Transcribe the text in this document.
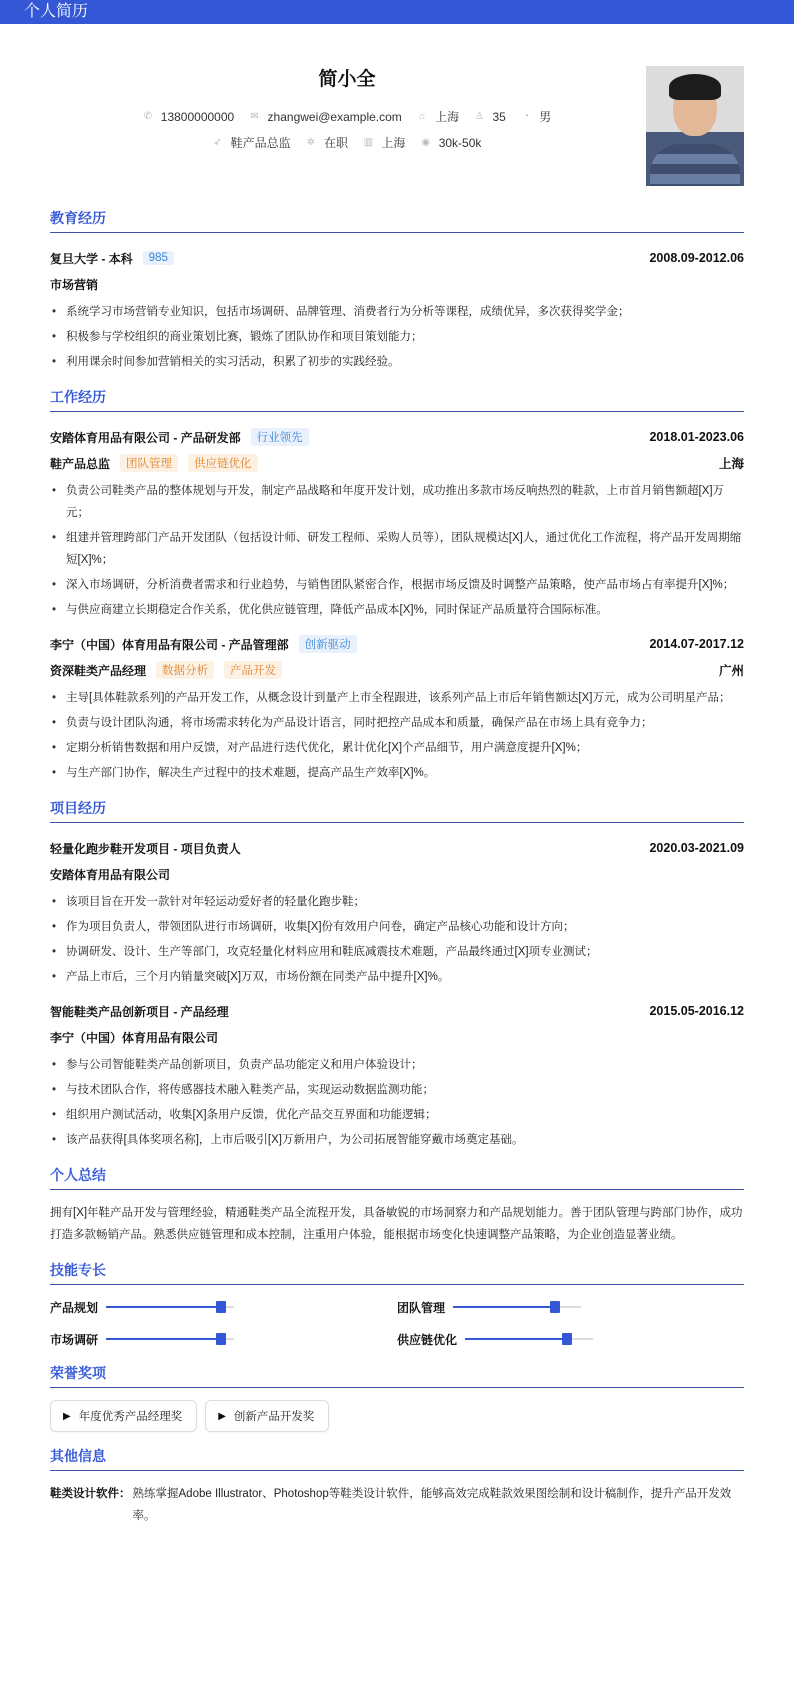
个人简历
简小全
✆ 13800000000
✉ zhangwei@example.com
⌂ 上海
♙ 35
◔ 男
➶ 鞋产品总监
✲ 在职
▥ 上海
◉ 30k-50k
教育经历
复旦大学 - 本科	985	2008.09-2012.06
市场营销
• 系统学习市场营销专业知识，包括市场调研、品牌管理、消费者行为分析等课程，成绩优异，多次获得奖学金；
• 积极参与学校组织的商业策划比赛，锻炼了团队协作和项目策划能力；
• 利用课余时间参加营销相关的实习活动，积累了初步的实践经验。
工作经历
安踏体育用品有限公司 - 产品研发部	行业领先	2018.01-2023.06
鞋产品总监	团队管理	供应链优化	上海
• 负责公司鞋类产品的整体规划与开发，制定产品战略和年度开发计划，成功推出多款市场反响热烈的鞋款，上市首月销售额超[X]万元；
• 组建并管理跨部门产品开发团队（包括设计师、研发工程师、采购人员等），团队规模达[X]人，通过优化工作流程，将产品开发周期缩短[X]%；
• 深入市场调研，分析消费者需求和行业趋势，与销售团队紧密合作，根据市场反馈及时调整产品策略，使产品市场占有率提升[X]%；
• 与供应商建立长期稳定合作关系，优化供应链管理，降低产品成本[X]%，同时保证产品质量符合国际标准。
李宁（中国）体育用品有限公司 - 产品管理部	创新驱动	2014.07-2017.12
资深鞋类产品经理	数据分析	产品开发	广州
• 主导[具体鞋款系列]的产品开发工作，从概念设计到量产上市全程跟进，该系列产品上市后年销售额达[X]万元，成为公司明星产品；
• 负责与设计团队沟通，将市场需求转化为产品设计语言，同时把控产品成本和质量，确保产品在市场上具有竞争力；
• 定期分析销售数据和用户反馈，对产品进行迭代优化，累计优化[X]个产品细节，用户满意度提升[X]%；
• 与生产部门协作，解决生产过程中的技术难题，提高产品生产效率[X]%。
项目经历
轻量化跑步鞋开发项目 - 项目负责人	2020.03-2021.09
安踏体育用品有限公司
• 该项目旨在开发一款针对年轻运动爱好者的轻量化跑步鞋；
• 作为项目负责人，带领团队进行市场调研，收集[X]份有效用户问卷，确定产品核心功能和设计方向；
• 协调研发、设计、生产等部门，攻克轻量化材料应用和鞋底减震技术难题，产品最终通过[X]项专业测试；
• 产品上市后，三个月内销量突破[X]万双，市场份额在同类产品中提升[X]%。
智能鞋类产品创新项目 - 产品经理	2015.05-2016.12
李宁（中国）体育用品有限公司
• 参与公司智能鞋类产品创新项目，负责产品功能定义和用户体验设计；
• 与技术团队合作，将传感器技术融入鞋类产品，实现运动数据监测功能；
• 组织用户测试活动，收集[X]条用户反馈，优化产品交互界面和功能逻辑；
• 该产品获得[具体奖项名称]，上市后吸引[X]万新用户，为公司拓展智能穿戴市场奠定基础。
个人总结
拥有[X]年鞋产品开发与管理经验，精通鞋类产品全流程开发，具备敏锐的市场洞察力和产品规划能力。善于团队管理与跨部门协作，成功打造多款畅销产品。熟悉供应链管理和成本控制，注重用户体验，能根据市场变化快速调整产品策略，为企业创造显著业绩。
技能专长
产品规划	团队管理
市场调研	供应链优化
荣誉奖项
▶ 年度优秀产品经理奖	▶ 创新产品开发奖
其他信息
鞋类设计软件： 熟练掌握Adobe Illustrator、Photoshop等鞋类设计软件，能够高效完成鞋款效果图绘制和设计稿制作，提升产品开发效率。
